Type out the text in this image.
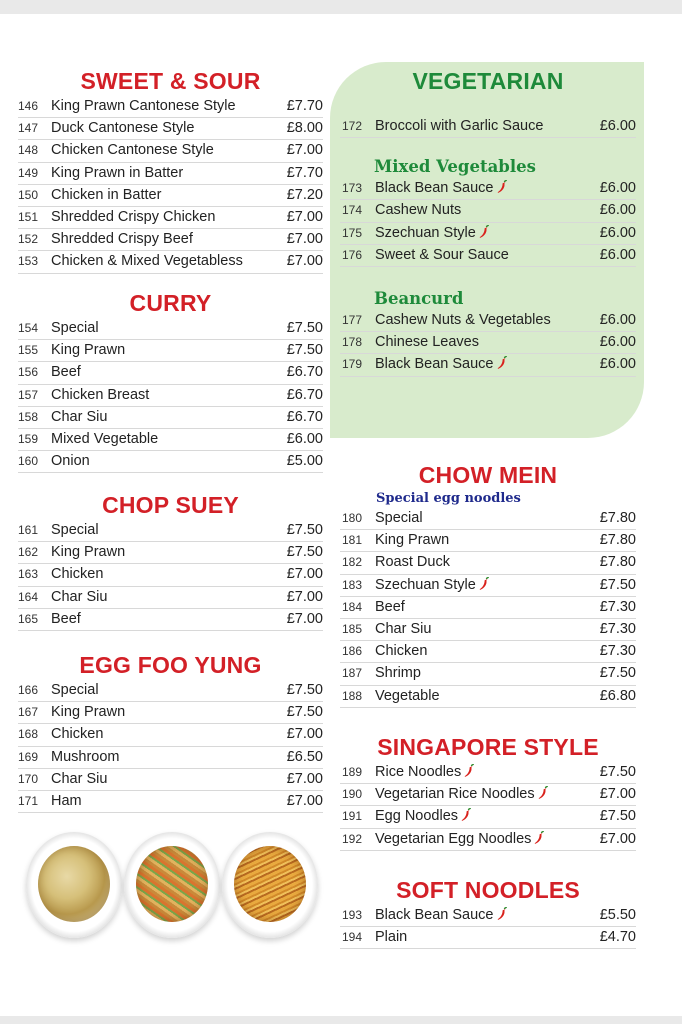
SWEET & SOUR
146 King Prawn Cantonese Style	£7.70
147 Duck Cantonese Style	£8.00
148 Chicken Cantonese Style	£7.00
149 King Prawn in Batter	£7.70
150 Chicken in Batter	£7.20
151 Shredded Crispy Chicken	£7.00
152 Shredded Crispy Beef	£7.00
153 Chicken & Mixed Vegetabless	£7.00
CURRY
154 Special	£7.50
155 King Prawn	£7.50
156 Beef	£6.70
157 Chicken Breast	£6.70
158 Char Siu	£6.70
159 Mixed Vegetable	£6.00
160 Onion	£5.00
CHOP SUEY
161 Special	£7.50
162 King Prawn	£7.50
163 Chicken	£7.00
164 Char Siu	£7.00
165 Beef	£7.00
EGG FOO YUNG
166 Special	£7.50
167 King Prawn	£7.50
168 Chicken	£7.00
169 Mushroom	£6.50
170 Char Siu	£7.00
171 Ham	£7.00
VEGETARIAN
172 Broccoli with Garlic Sauce	£6.00
Mixed Vegetables
173 Black Bean Sauce	£6.00
174 Cashew Nuts	£6.00
175 Szechuan Style	£6.00
176 Sweet & Sour Sauce	£6.00
Beancurd
177 Cashew Nuts & Vegetables	£6.00
178 Chinese Leaves	£6.00
179 Black Bean Sauce	£6.00
CHOW MEIN
Special egg noodles
180 Special	£7.80
181 King Prawn	£7.80
182 Roast Duck	£7.80
183 Szechuan Style	£7.50
184 Beef	£7.30
185 Char Siu	£7.30
186 Chicken	£7.30
187 Shrimp	£7.50
188 Vegetable	£6.80
SINGAPORE STYLE
189 Rice Noodles	£7.50
190 Vegetarian Rice Noodles	£7.00
191 Egg Noodles	£7.50
192 Vegetarian Egg Noodles	£7.00
SOFT NOODLES
193 Black Bean Sauce	£5.50
194 Plain	£4.70
